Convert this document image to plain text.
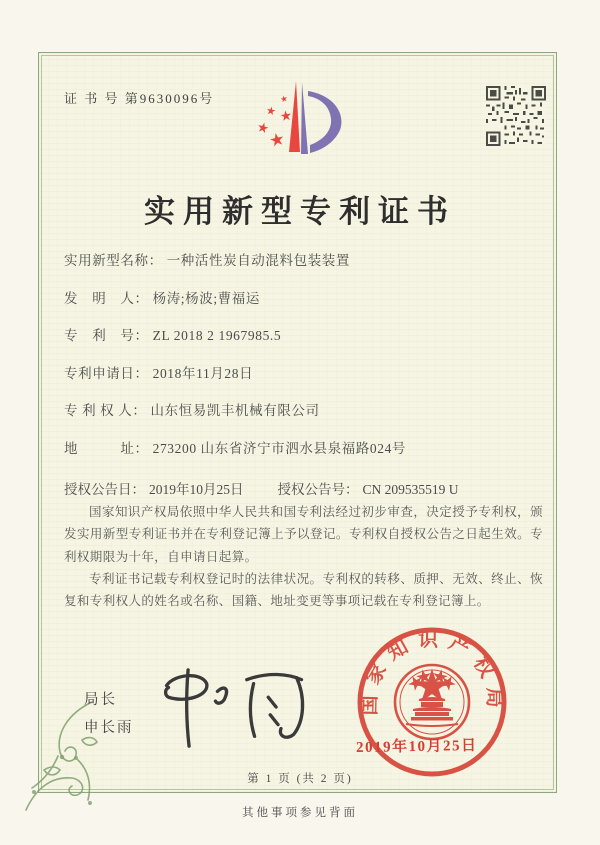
证 书 号 第9630096号
实用新型专利证书
实用新型名称： 一种活性炭自动混料包装装置
发　明　人： 杨涛;杨波;曹福运
专　利　号： ZL 2018 2 1967985.5
专利申请日： 2018年11月28日
专 利 权 人： 山东恒易凯丰机械有限公司
地　　　址： 273200 山东省济宁市泗水县泉福路024号
授权公告日： 2019年10月25日	授权公告号： CN 209535519 U

国家知识产权局依照中华人民共和国专利法经过初步审查，决定授予专利权，颁发实用新型专利证书并在专利登记簿上予以登记。专利权自授权公告之日起生效。专利权期限为十年，自申请日起算。

专利证书记载专利权登记时的法律状况。专利权的转移、质押、无效、终止、恢复和专利权人的姓名或名称、国籍、地址变更等事项记载在专利登记簿上。

局长
申长雨
国家知识产权局
2019年10月25日
第 1 页 (共 2 页)
其他事项参见背面
